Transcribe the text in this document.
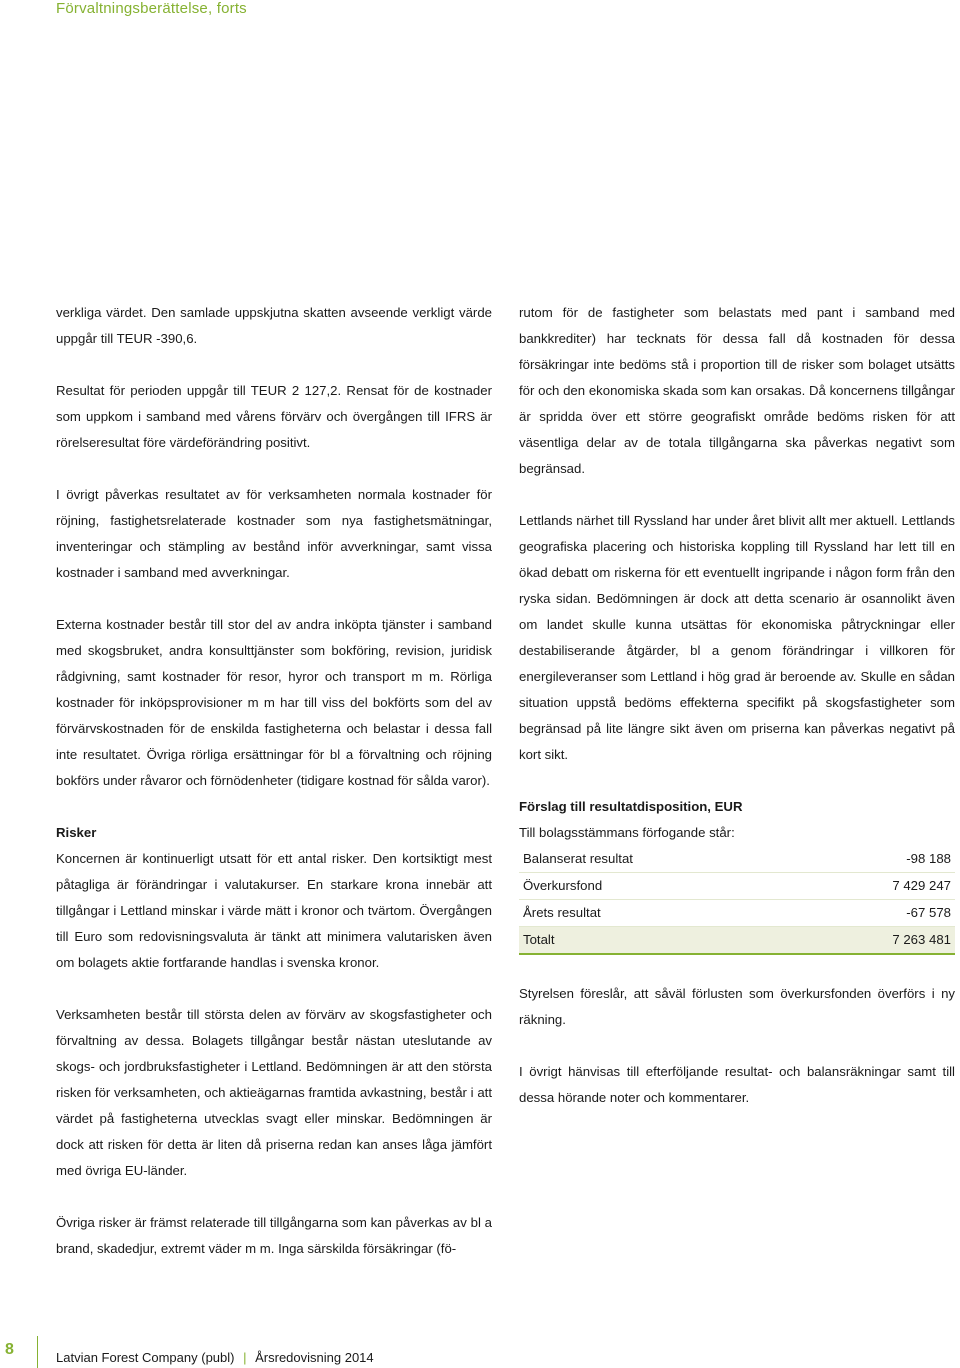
Förvaltningsberättelse, forts

verkliga värdet. Den samlade uppskjutna skatten avseende verkligt värde uppgår till TEUR -390,6.

Resultat för perioden uppgår till TEUR 2 127,2. Rensat för de kostnader som uppkom i samband med vårens förvärv och övergången till IFRS är rörelseresultat före värdeförändring positivt.

I övrigt påverkas resultatet av för verksamheten normala kostnader för röjning, fastighetsrelaterade kostnader som nya fastighetsmätningar, inventeringar och stämpling av bestånd inför avverkningar, samt vissa kostnader i samband med avverkningar.

Externa kostnader består till stor del av andra inköpta tjänster i samband med skogsbruket, andra konsulttjänster som bokföring, revision, juridisk rådgivning, samt kostnader för resor, hyror och transport m m. Rörliga kostnader för inköpsprovisioner m m har till viss del bokförts som del av förvärvskostnaden för de enskilda fastigheterna och belastar i dessa fall inte resultatet. Övriga rörliga ersättningar för bl a förvaltning och röjning bokförs under råvaror och förnödenheter (tidigare kostnad för sålda varor).

Risker

Koncernen är kontinuerligt utsatt för ett antal risker. Den kortsiktigt mest påtagliga är förändringar i valutakurser. En starkare krona innebär att tillgångar i Lettland minskar i värde mätt i kronor och tvärtom. Övergången till Euro som redovisningsvaluta är tänkt att minimera valutarisken även om bolagets aktie fortfarande handlas i svenska kronor.

Verksamheten består till största delen av förvärv av skogsfastigheter och förvaltning av dessa. Bolagets tillgångar består nästan uteslutande av skogs- och jordbruksfastigheter i Lettland. Bedömningen är att den största risken för verksamheten, och aktieägarnas framtida avkastning, består i att värdet på fastigheterna utvecklas svagt eller minskar. Bedömningen är dock att risken för detta är liten då priserna redan kan anses låga jämfört med övriga EU-länder.

Övriga risker är främst relaterade till tillgångarna som kan påverkas av bl a brand, skadedjur, extremt väder m m. Inga särskilda försäkringar (fö-

rutom för de fastigheter som belastats med pant i samband med bankkrediter) har tecknats för dessa fall då kostnaden för dessa försäkringar inte bedöms stå i proportion till de risker som bolaget utsätts för och den ekonomiska skada som kan orsakas. Då koncernens tillgångar är spridda över ett större geografiskt område bedöms risken för att väsentliga delar av de totala tillgångarna ska påverkas negativt som begränsad.

Lettlands närhet till Ryssland har under året blivit allt mer aktuell. Lettlands geografiska placering och historiska koppling till Ryssland har lett till en ökad debatt om riskerna för ett eventuellt ingripande i någon form från den ryska sidan. Bedömningen är dock att detta scenario är osannolikt även om landet skulle kunna utsättas för ekonomiska påtryckningar eller destabiliserande åtgärder, bl a genom förändringar i villkoren för energileveranser som Lettland i hög grad är beroende av. Skulle en sådan situation uppstå bedöms effekterna specifikt på skogsfastigheter som begränsad på lite längre sikt även om priserna kan påverkas negativt på kort sikt.

Förslag till resultatdisposition, EUR
Till bolagsstämmans förfogande står:
Balanserat resultat	-98 188
Överkursfond	7 429 247
Årets resultat	-67 578
Totalt	7 263 481

Styrelsen föreslår, att såväl förlusten som överkursfonden överförs i ny räkning.

I övrigt hänvisas till efterföljande resultat- och balansräkningar samt till dessa hörande noter och kommentarer.

8	Latvian Forest Company (publ) | Årsredovisning 2014
